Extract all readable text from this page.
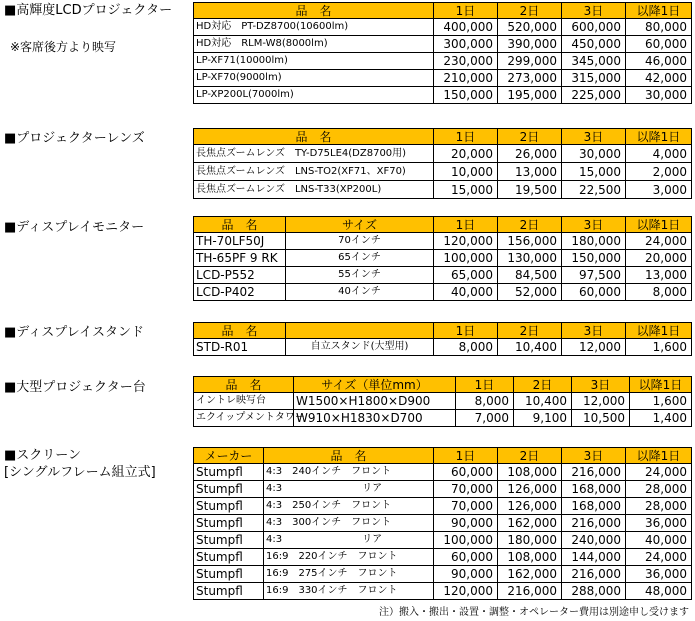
■高輝度LCDプロジェクター
※客席後方より映写
品　名	1日	2日	3日	以降1日
HD対応　PT-DZ8700(10600lm)	400,000	520,000	600,000	80,000
HD対応　RLM-W8(8000lm)	300,000	390,000	450,000	60,000
LP-XF71(10000lm)	230,000	299,000	345,000	46,000
LP-XF70(9000lm)	210,000	273,000	315,000	42,000
LP-XP200L(7000lm)	150,000	195,000	225,000	30,000
■プロジェクターレンズ	品　名	1日	2日	3日	以降1日
長焦点ズームレンズ　TY-D75LE4(DZ8700用)	20,000	26,000	30,000	4,000
長焦点ズームレンズ　LNS-TO2(XF71、XF70)	10,000	13,000	15,000	2,000
長焦点ズームレンズ　LNS-T33(XP200L)	15,000	19,500	22,500	3,000
■ディスプレイモニター	品　名	サイズ	1日	2日	3日	以降1日
TH-70LF50J	70インチ	120,000	156,000	180,000	24,000
TH-65PF 9 RK	65インチ	100,000	130,000	150,000	20,000
LCD-P552	55インチ	65,000	84,500	97,500	13,000
LCD-P402	40インチ	40,000	52,000	60,000	8,000
■ディスプレイスタンド	品　名		1日	2日	3日	以降1日
STD-R01	自立スタンド(大型用)	8,000	10,400	12,000	1,600
■大型プロジェクター台	品　名	サイズ（単位mm）	1日	2日	3日	以降1日
イントレ映写台	W1500×H1800×D900	8,000	10,400	12,000	1,600
エクイップメントタワー	W910×H1830×D700	7,000	9,100	10,500	1,400
■スクリーン
[シングルフレーム組立式]
メーカー	品　名	1日	2日	3日	以降1日
Stumpfl	4:3　240インチ　フロント	60,000	108,000	216,000	24,000
Stumpfl	4:3　　　　　　　　リア	70,000	126,000	168,000	28,000
Stumpfl	4:3　250インチ　フロント	70,000	126,000	168,000	28,000
Stumpfl	4:3　300インチ　フロント	90,000	162,000	216,000	36,000
Stumpfl	4:3　　　　　　　　リア	100,000	180,000	240,000	40,000
Stumpfl	16:9　220インチ　フロント	60,000	108,000	144,000	24,000
Stumpfl	16:9　275インチ　フロント	90,000	162,000	216,000	36,000
Stumpfl	16:9　330インチ　フロント	120,000	216,000	288,000	48,000
注）搬入・搬出・設置・調整・オペレーター費用は別途申し受けます
